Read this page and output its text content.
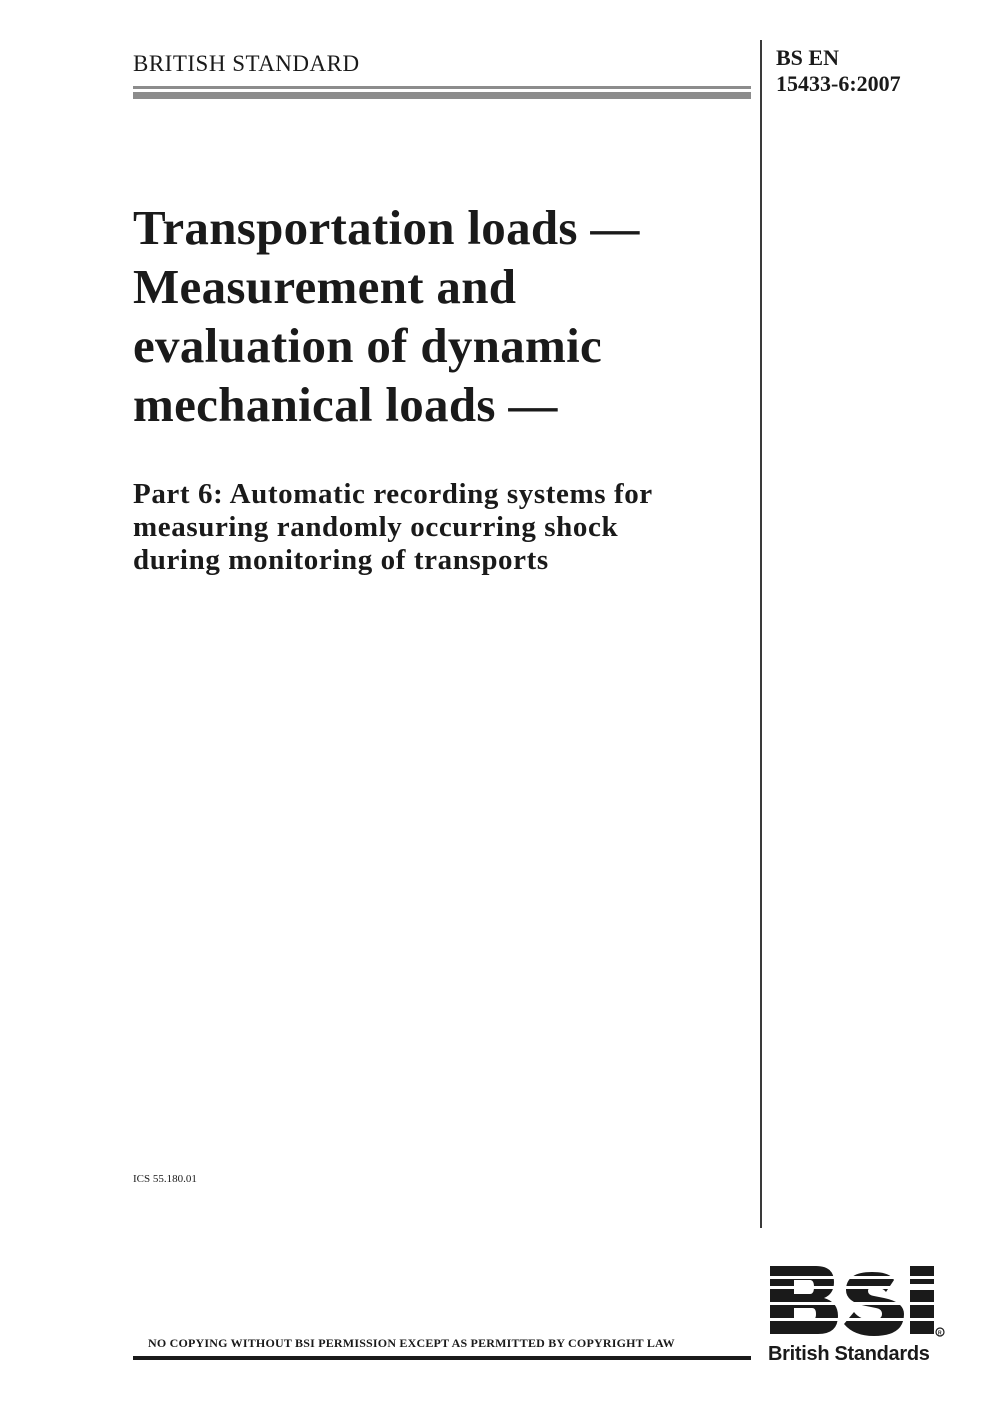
BRITISH STANDARD	BS EN
15433-6:2007
Transportation loads —
Measurement and
evaluation of dynamic
mechanical loads —
Part 6: Automatic recording systems for
measuring randomly occurring shock
during monitoring of transports
ICS 55.180.01
NO COPYING WITHOUT BSI PERMISSION EXCEPT AS PERMITTED BY COPYRIGHT LAW
R
British Standards
